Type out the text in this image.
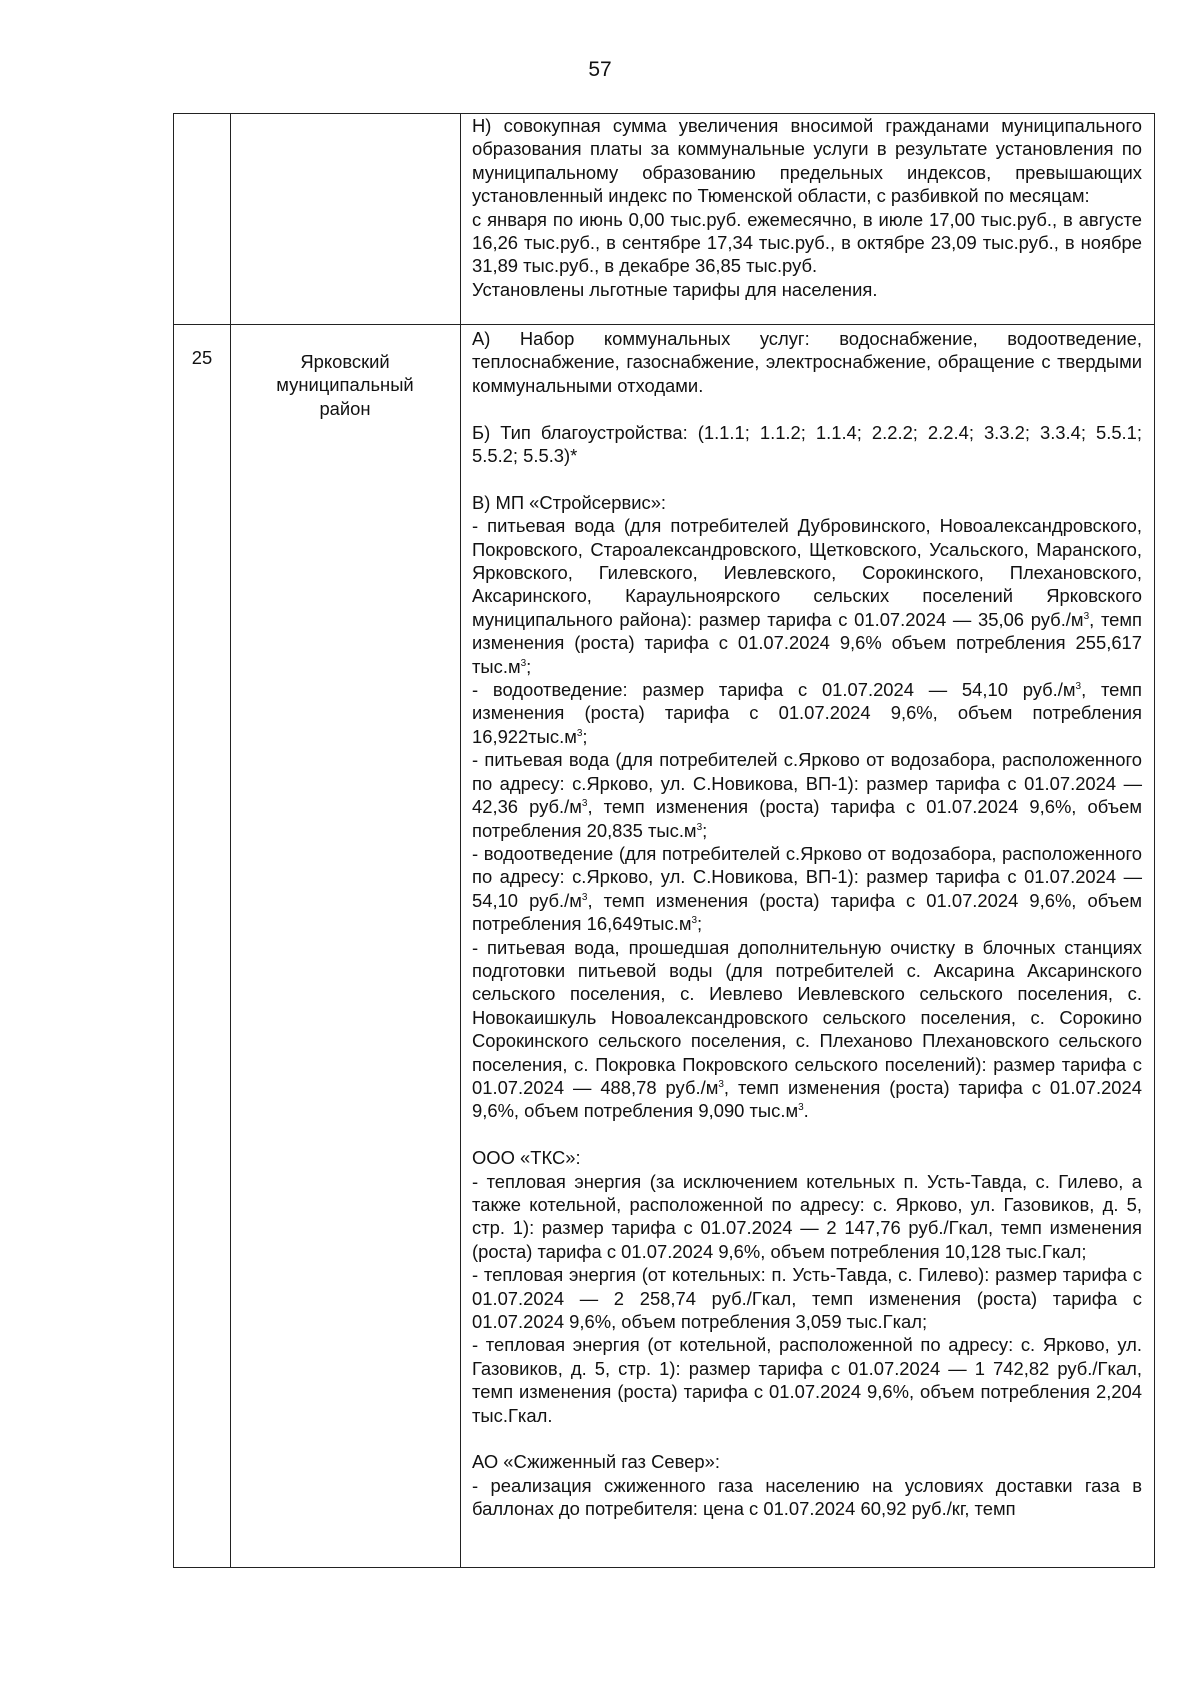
57

Н) совокупная сумма увеличения вносимой гражданами муниципального образования платы за коммунальные услуги в результате установления по муниципальному образованию предельных индексов, превышающих установленный индекс по Тюменской области, с разбивкой по месяцам:

с января по июнь 0,00 тыс.руб. ежемесячно, в июле 17,00 тыс.руб., в августе 16,26 тыс.руб., в сентябре 17,34 тыс.руб., в октябре 23,09 тыс.руб., в ноябре 31,89 тыс.руб., в декабре 36,85 тыс.руб.

Установлены льготные тарифы для населения.

25	Ярковский
муниципальный
район

А) Набор коммунальных услуг: водоснабжение, водоотведение, теплоснабжение, газоснабжение, электроснабжение, обращение с твердыми коммунальными отходами.

Б) Тип благоустройства: (1.1.1; 1.1.2; 1.1.4; 2.2.2; 2.2.4; 3.3.2; 3.3.4; 5.5.1; 5.5.2; 5.5.3)*

В) МП «Стройсервис»:

- питьевая вода (для потребителей Дубровинского, Новоалександровского, Покровского, Староалександровского, Щетковского, Усальского, Маранского, Ярковского, Гилевского, Иевлевского, Сорокинского, Плехановского, Аксаринского, Караульноярского сельских поселений Ярковского муниципального района): размер тарифа с 01.07.2024 — 35,06 $руб./м^3$, темп изменения (роста) тарифа с 01.07.2024 9,6% объем потребления 255,617 $тыс.м^3$;

- водоотведение: размер тарифа с 01.07.2024 — 54,10 $руб./м^3$, темп изменения (роста) тарифа с 01.07.2024 9,6%, объем потребления $16,922тыс.м^3$;

- питьевая вода (для потребителей с.Ярково от водозабора, расположенного по адресу: с.Ярково, ул. С.Новикова, ВП-1): размер тарифа с 01.07.2024 — 42,36 $руб./м^3$, темп изменения (роста) тарифа с 01.07.2024 9,6%, объем потребления 20,835 $тыс.м^3$;

- водоотведение (для потребителей с.Ярково от водозабора, расположенного по адресу: с.Ярково, ул. С.Новикова, ВП-1): размер тарифа с 01.07.2024 — 54,10 $руб./м^3$, темп изменения (роста) тарифа с 01.07.2024 9,6%, объем потребления $16,649тыс.м^3$;

- питьевая вода, прошедшая дополнительную очистку в блочных станциях подготовки питьевой воды (для потребителей с. Аксарина Аксаринского сельского поселения, с. Иевлево Иевлевского сельского поселения, с. Новокаишкуль Новоалександровского сельского поселения, с. Сорокино Сорокинского сельского поселения, с. Плеханово Плехановского сельского поселения, с. Покровка Покровского сельского поселений): размер тарифа с 01.07.2024 — 488,78 $руб./м^3$, темп изменения (роста) тарифа с 01.07.2024 9,6%, объем потребления 9,090 $тыс.м^3$.

ООО «ТКС»:

- тепловая энергия (за исключением котельных п. Усть-Тавда, с. Гилево, а также котельной, расположенной по адресу: с. Ярково, ул. Газовиков, д. 5, стр. 1): размер тарифа с 01.07.2024 — 2 147,76 руб./Гкал, темп изменения (роста) тарифа с 01.07.2024 9,6%, объем потребления 10,128 тыс.Гкал;

- тепловая энергия (от котельных: п. Усть-Тавда, с. Гилево): размер тарифа с 01.07.2024 — 2 258,74 руб./Гкал, темп изменения (роста) тарифа с 01.07.2024 9,6%, объем потребления 3,059 тыс.Гкал;

- тепловая энергия (от котельной, расположенной по адресу: с. Ярково, ул. Газовиков, д. 5, стр. 1): размер тарифа с 01.07.2024 — 1 742,82 руб./Гкал, темп изменения (роста) тарифа с 01.07.2024 9,6%, объем потребления 2,204 тыс.Гкал.

АО «Сжиженный газ Север»:

- реализация сжиженного газа населению на условиях доставки газа в баллонах до потребителя: цена с 01.07.2024 60,92 руб./кг, темп
